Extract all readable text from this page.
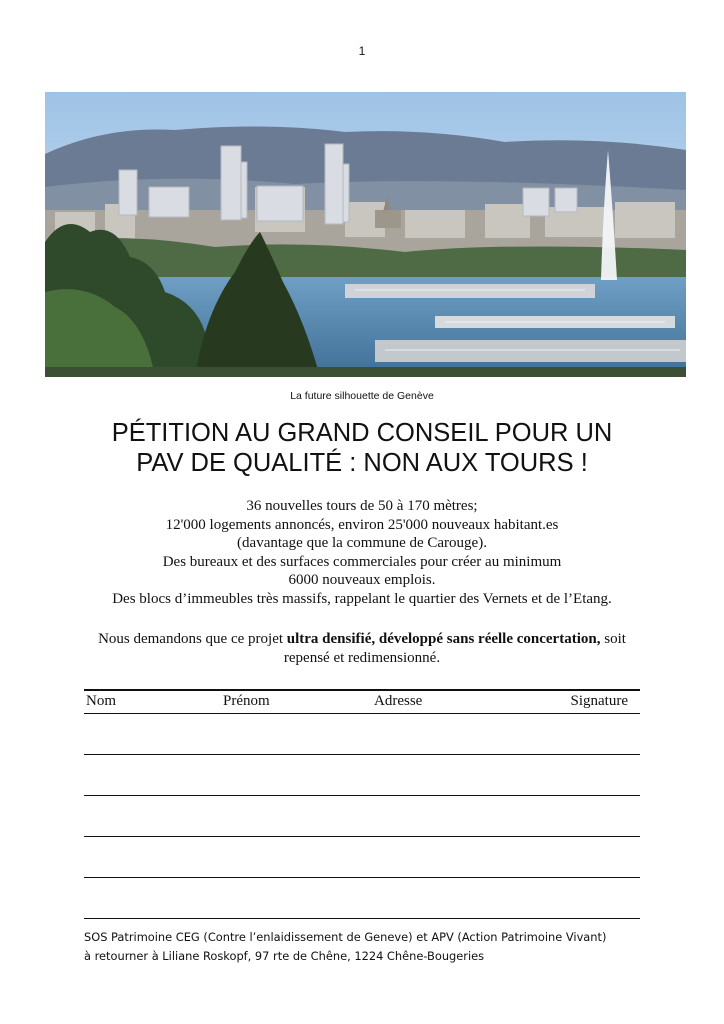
1
La future silhouette de Genève
PÉTITION AU GRAND CONSEIL POUR UN
PAV DE QUALITÉ : NON AUX TOURS !
36 nouvelles tours de 50 à 170 mètres;
12'000 logements annoncés, environ 25'000 nouveaux habitant.es
(davantage que la commune de Carouge).
Des bureaux et des surfaces commerciales pour créer au minimum
6000 nouveaux emplois.
Des blocs d’immeubles très massifs, rappelant le quartier des Vernets et de l’Etang.
Nous demandons que ce projet ultra densifié, développé sans réelle concertation, soit repensé et redimensionné.
Nom	Prénom	Adresse	Signature
SOS Patrimoine CEG (Contre l’enlaidissement de Geneve) et APV (Action Patrimoine Vivant)
à retourner à Liliane Roskopf, 97 rte de Chêne, 1224 Chêne-Bougeries
